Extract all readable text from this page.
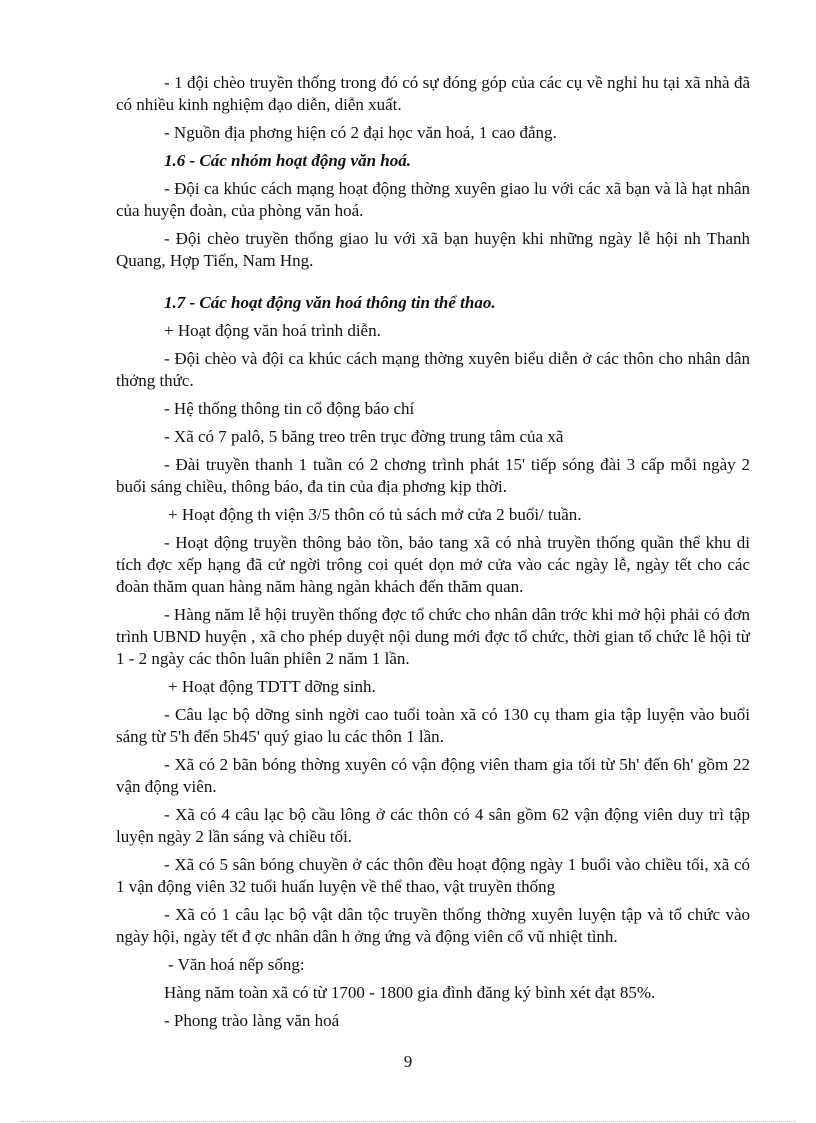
- 1 đội chèo truyền thống trong đó có sự đóng góp của các cụ về nghỉ hu tại xã nhà đã có nhiều kinh nghiệm đạo diễn, diễn xuất.

- Nguồn địa phơng hiện có 2 đại học văn hoá, 1 cao đẳng.

1.6 - Các nhóm hoạt động văn hoá.

- Đội ca khúc cách mạng hoạt động thờng xuyên giao lu với các xã bạn và là hạt nhân của huyện đoàn, của phòng văn hoá.

- Đội chèo truyền thống giao lu với xã bạn huyện khi những ngày lễ hội nh Thanh Quang, Hợp Tiến, Nam Hng.

1.7 - Các hoạt động văn hoá thông tin thể thao.

+ Hoạt động văn hoá trình diễn.

- Đội chèo và đội ca khúc cách mạng thờng xuyên biểu diễn ở các thôn cho nhân dân thởng thức.

- Hệ thống thông tin cổ động báo chí

- Xã có 7 palô, 5 băng treo trên trục đờng trung tâm của xã

- Đài truyền thanh 1 tuần có 2 chơng trình phát 15' tiếp sóng đài 3 cấp mỗi ngày 2 buổi sáng chiều, thông báo, đa tin của địa phơng kịp thời.

+ Hoạt động th viện 3/5 thôn có tủ sách mở cửa 2 buổi/ tuần.

- Hoạt động truyền thông bảo tồn, bảo tang xã có nhà truyền thống quần thể khu di tích đợc xếp hạng đã cử ngời trông coi quét dọn mở cửa vào các ngày lễ, ngày tết cho các đoàn thăm quan hàng năm hàng ngàn khách đến thăm quan.

- Hàng năm lễ hội truyền thống đợc tổ chức cho nhân dân trớc khi mở hội phải có đơn trình UBND huyện , xã cho phép duyệt nội dung mới đợc tổ chức, thời gian tổ chức lễ hội từ 1 - 2 ngày các thôn luân phiên 2 năm 1 lần.

+ Hoạt động TDTT dỡng sinh.

- Câu lạc bộ dỡng sinh ngời cao tuổi toàn xã có 130 cụ tham gia tập luyện vào buổi sáng từ 5'h đến 5h45' quý giao lu các thôn 1 lần.

- Xã có 2 bãn bóng thờng xuyên có vận động viên tham gia tối từ 5h' đến 6h' gồm 22 vận động viên.

- Xã có 4 câu lạc bộ cầu lông ở các thôn có 4 sân gồm 62 vận động viên duy trì tập luyện ngày 2 lần sáng và chiều tối.

- Xã có 5 sân bóng chuyền ở các thôn đều hoạt động ngày 1 buổi vào chiều tối, xã có 1 vận động viên 32 tuổi huấn luyện về thể thao, vật truyền thống

- Xã có 1 câu lạc bộ vật dân tộc truyền thống thờng xuyên luyện tập và tổ chức vào ngày hội, ngày tết đ ợc nhân dân h ởng ứng và động viên cổ vũ nhiệt tình.

- Văn hoá nếp sống:

Hàng năm toàn xã có từ 1700 - 1800 gia đình đăng ký bình xét đạt 85%.

- Phong trào làng văn hoá

9
